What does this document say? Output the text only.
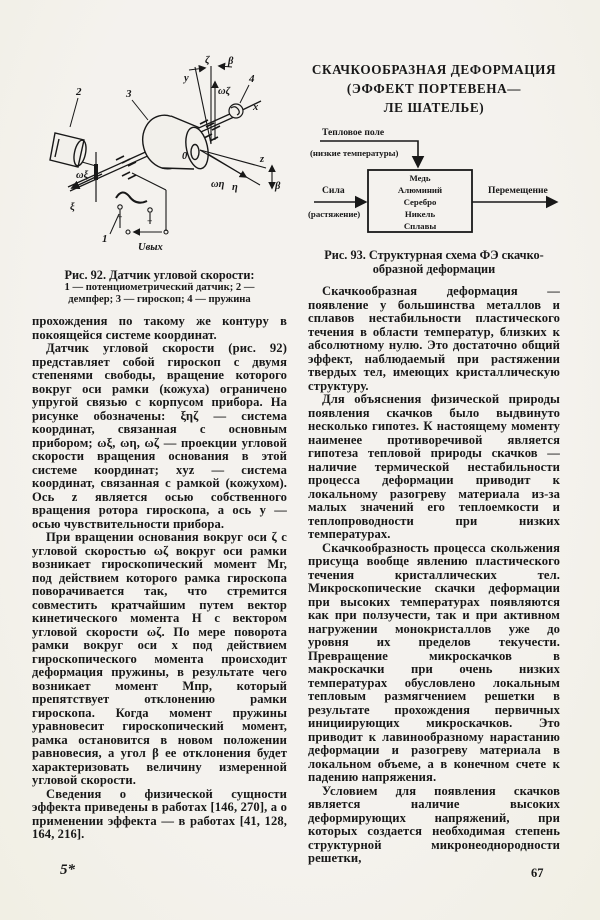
0
ζ β
y
ωζ
z
ωη η	β
x
4
2	3
ωξ
ξ
+	−
1
Uвых
Рис. 92. Датчик угловой скорости:
1 — потенциометрический датчик; 2 —
демпфер; 3 — гироскоп; 4 — пружина

прохождения по такому же контуру в покоящейся системе координат.

Датчик угловой скорости (рис. 92) представляет собой гироскоп с двумя степенями свободы, вращение которого вокруг оси рамки (кожуха) ограничено упругой связью с корпусом прибора. На рисунке обозначены: ξηζ — система координат, связанная с основным прибором; ωξ, ωη, ωζ — проекции угловой скорости вращения основания в этой системе координат; xyz — система координат, связанная с рамкой (кожухом). Ось z является осью собственного вращения ротора гироскопа, а ось y — осью чувствительности прибора.

При вращении основания вокруг оси ζ с угловой скоростью ωζ вокруг оси рамки возникает гироскопический момент Мг, под действием которого рамка гироскопа поворачивается так, что стремится совместить кратчайшим путем вектор кинетического момента Н с вектором угловой скорости ωζ. По мере поворота рамки вокруг оси x под действием гироскопического момента происходит деформация пружины, в результате чего возникает момент Мпр, который препятствует отклонению рамки гироскопа. Когда момент пружины уравновесит гироскопический момент, рамка остановится в новом положении равновесия, а угол β ее отклонения будет характеризовать величину измеренной угловой скорости.

Сведения о физической сущности эффекта приведены в работах [146, 270], а о применении эффекта — в работах [41, 128, 164, 216].

СКАЧКООБРАЗНАЯ ДЕФОРМАЦИЯ
(ЭФФЕКТ ПОРТЕВЕНА—
ЛЕ ШАТЕЛЬЕ)
Тепловое поле
(низкие температуры)
Медь
Алюминий
Серебро
Никель
Сплавы
Сила
(растяжение)
Перемещение
Рис. 93. Структурная схема ФЭ скачко-
образной деформации

Скачкообразная деформация — появление у большинства металлов и сплавов нестабильности пластического течения в области температур, близких к абсолютному нулю. Это достаточно общий эффект, наблюдаемый при растяжении твердых тел, имеющих кристаллическую структуру.

Для объяснения физической природы появления скачков было выдвинуто несколько гипотез. К настоящему моменту наименее противоречивой является гипотеза тепловой природы скачков — наличие термической нестабильности процесса деформации приводит к локальному разогреву материала из-за малых значений его теплоемкости и теплопроводности при низких температурах.

Скачкообразность процесса скольжения присуща вообще явлению пластического течения кристаллических тел. Микроскопические скачки деформации при высоких температурах появляются как при ползучести, так и при активном нагружении монокристаллов уже до уровня их пределов текучести. Превращение микроскачков в макроскачки при очень низких температурах обусловлено локальным тепловым размягчением решетки в результате прохождения первичных инициирующих микроскачков. Это приводит к лавинообразному нарастанию деформации и разогреву материала в локальном объеме, а в конечном счете к падению напряжения.

Условием для появления скачков является наличие высоких деформирующих напряжений, при которых создается необходимая степень структурной микронеоднородности решетки,

5*	67
